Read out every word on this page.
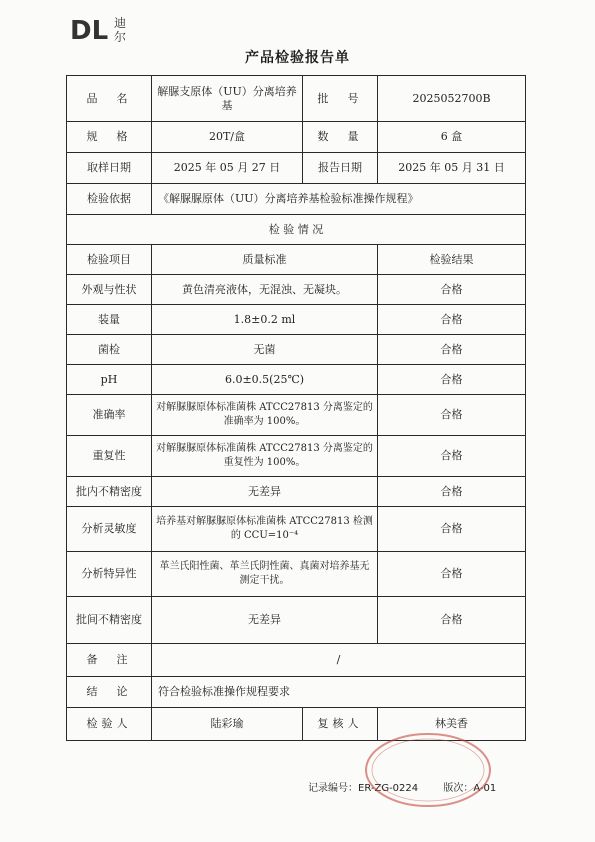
DL 迪
尔
产品检验报告单
品　名	解脲支原体（UU）分离培养基	批　号	2025052700B
规　格	20T/盒	数　量	6 盒
取样日期	2025 年 05 月 27 日	报告日期	2025 年 05 月 31 日
检验依据	《解脲脲原体（UU）分离培养基检验标准操作规程》		
检 验 情 况			
检验项目	质量标准		检验结果
外观与性状	黄色清亮液体，无混浊、无凝块。		合格
装量	1.8±0.2 ml		合格
菌检	无菌		合格
pH	6.0±0.5(25℃)		合格
准确率	对解脲脲原体标准菌株 ATCC27813 分离鉴定的准确率为 100%。		合格
重复性	对解脲脲原体标准菌株 ATCC27813 分离鉴定的重复性为 100%。		合格
批内不精密度	无差异		合格
分析灵敏度	培养基对解脲脲原体标准菌株 ATCC27813 检测的 CCU=10⁻⁴		合格
分析特异性	革兰氏阳性菌、革兰氏阴性菌、真菌对培养基无测定干扰。		合格
批间不精密度	无差异		合格
备　注	/		
结　论	符合检验标准操作规程要求		
检验人	陆彩瑜	复核人	林美香
记录编号：ER-ZG-0224	版次：A-01
